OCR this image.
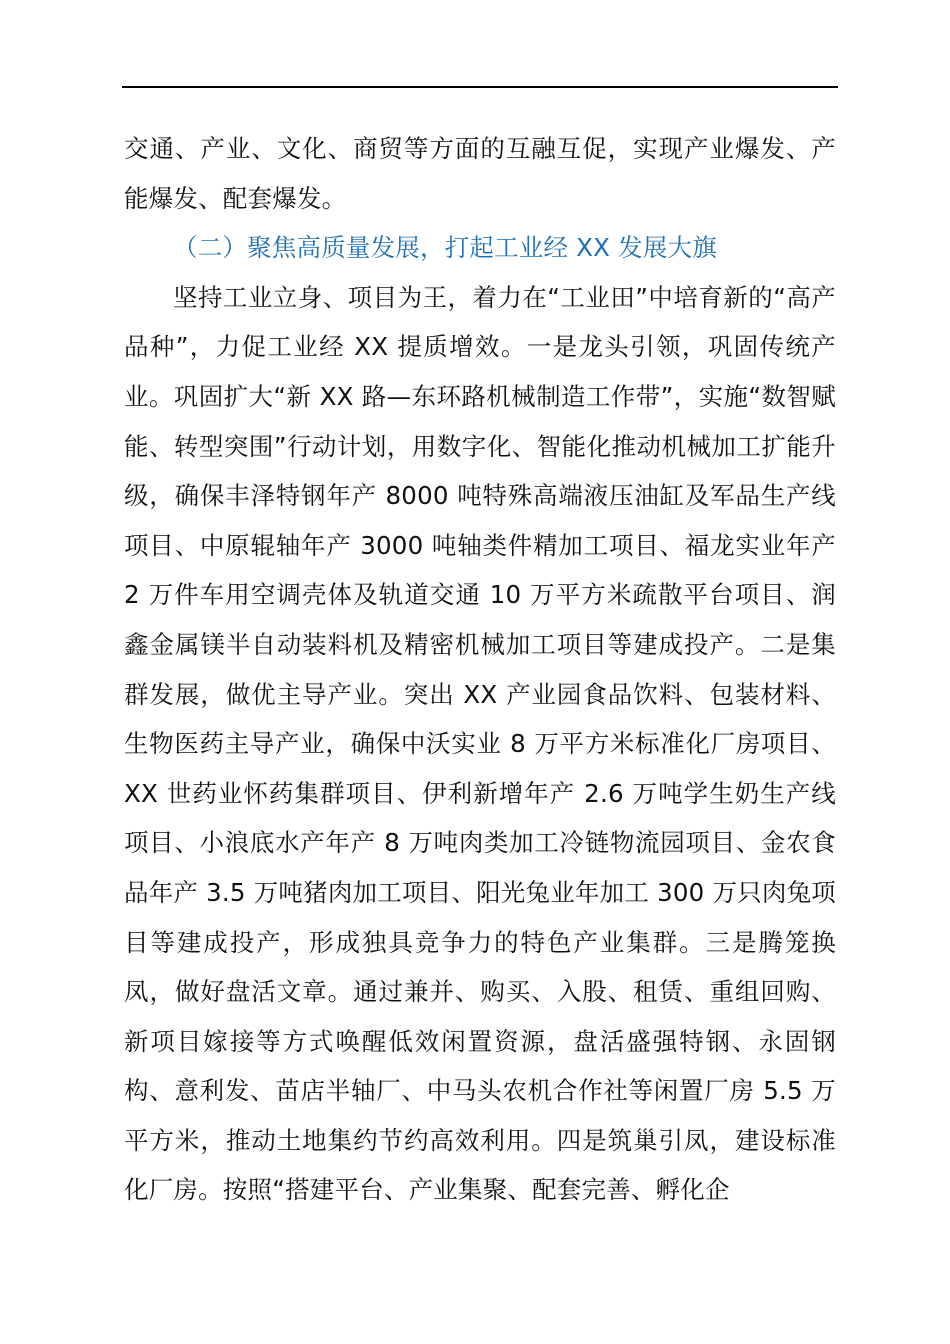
交通、产业、文化、商贸等方面的互融互促，实现产业爆发、产能爆发、配套爆发。

（二）聚焦高质量发展，打起工业经 XX 发展大旗

坚持工业立身、项目为王，着力在“工业田”中培育新的“高产品种”，力促工业经 XX 提质增效。一是龙头引领，巩固传统产业。巩固扩大“新 XX 路—东环路机械制造工作带”，实施“数智赋能、转型突围”行动计划，用数字化、智能化推动机械加工扩能升级，确保丰泽特钢年产 8000 吨特殊高端液压油缸及军品生产线项目、中原辊轴年产 3000 吨轴类件精加工项目、福龙实业年产 2 万件车用空调壳体及轨道交通 10 万平方米疏散平台项目、润鑫金属镁半自动装料机及精密机械加工项目等建成投产。二是集群发展，做优主导产业。突出 XX 产业园食品饮料、包装材料、生物医药主导产业，确保中沃实业 8 万平方米标准化厂房项目、XX 世药业怀药集群项目、伊利新增年产 2.6 万吨学生奶生产线项目、小浪底水产年产 8 万吨肉类加工冷链物流园项目、金农食品年产 3.5 万吨猪肉加工项目、阳光兔业年加工 300 万只肉兔项目等建成投产，形成独具竞争力的特色产业集群。三是腾笼换凤，做好盘活文章。通过兼并、购买、入股、租赁、重组回购、新项目嫁接等方式唤醒低效闲置资源，盘活盛强特钢、永固钢构、意利发、苗店半轴厂、中马头农机合作社等闲置厂房 5.5 万平方米，推动土地集约节约高效利用。四是筑巢引凤，建设标准化厂房。按照“搭建平台、产业集聚、配套完善、孵化企
